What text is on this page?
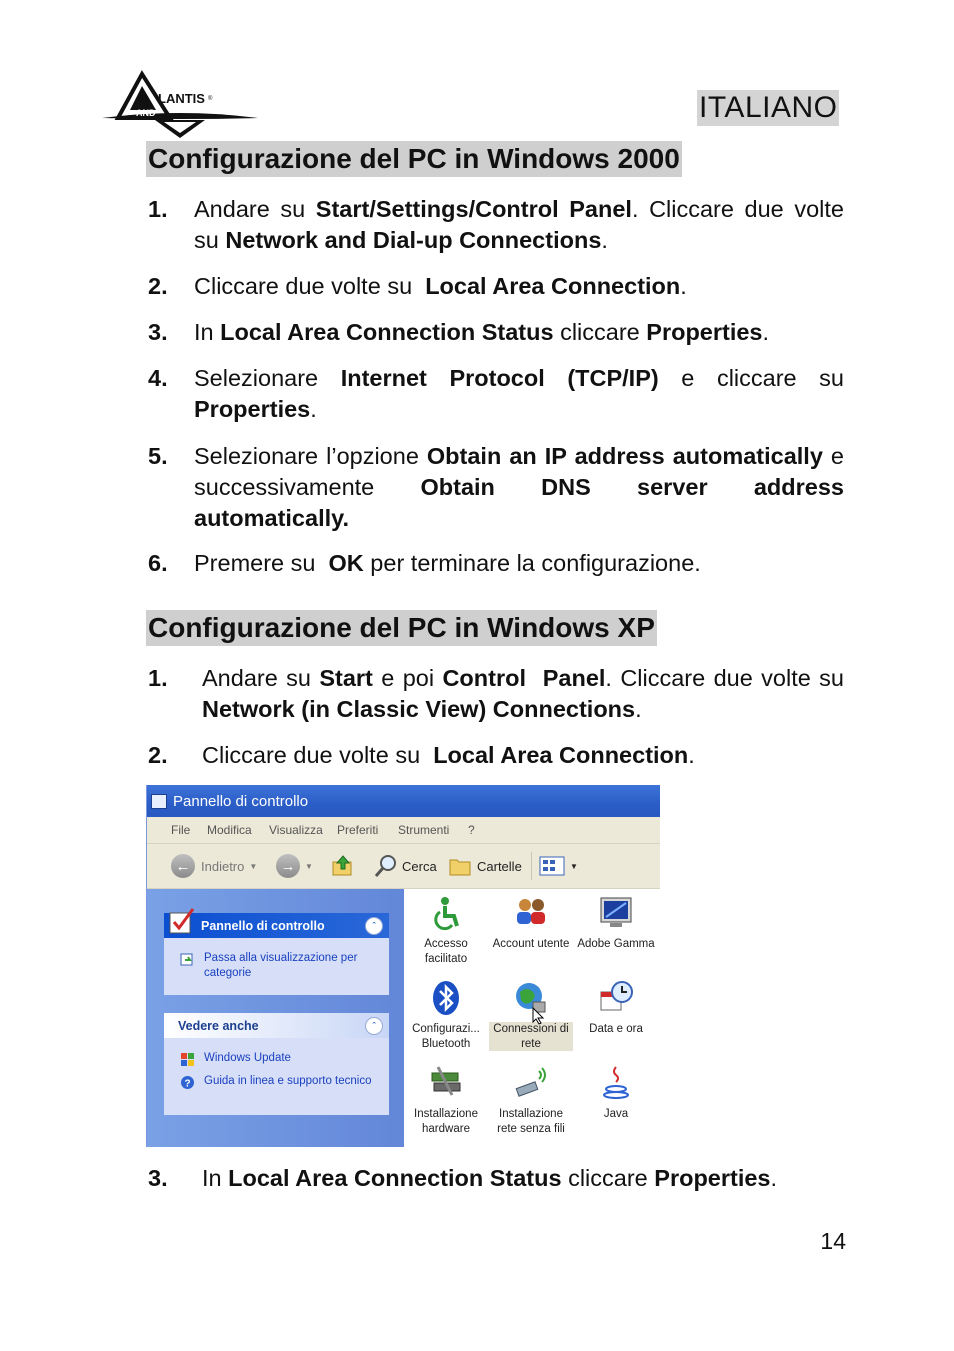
LANTIS ®
AND	ITALIANO
Configurazione del PC in Windows 2000
1. Andare su Start/Settings/Control Panel. Cliccare due volte su Network and Dial-up Connections.
2. Cliccare due volte su  Local Area Connection.
3. In Local Area Connection Status cliccare Properties.
4. Selezionare Internet Protocol (TCP/IP) e cliccare su Properties.
5. Selezionare l’opzione Obtain an IP address automatically e successivamente Obtain DNS server address automatically.
6. Premere su  OK per terminare la configurazione.
Configurazione del PC in Windows XP
1. Andare su Start e poi Control  Panel. Cliccare due volte su Network (in Classic View) Connections.
2. Cliccare due volte su  Local Area Connection.
Pannello di controllo
File Modifica Visualizza Preferiti Strumenti ?
← Indietro ▼	→	▼	Cerca	Cartelle	▼
Pannello di controllo	ˆ
Passa alla visualizzazione per categorie
Vedere anche	ˆ
Windows Update
? Guida in linea e supporto tecnico
Accesso facilitato
Account utente Adobe Gamma
Configurazi... Bluetooth
Connessioni di rete
Data e ora
Installazione hardware
Installazione rete senza fili
Java
3. In Local Area Connection Status cliccare Properties.
14
